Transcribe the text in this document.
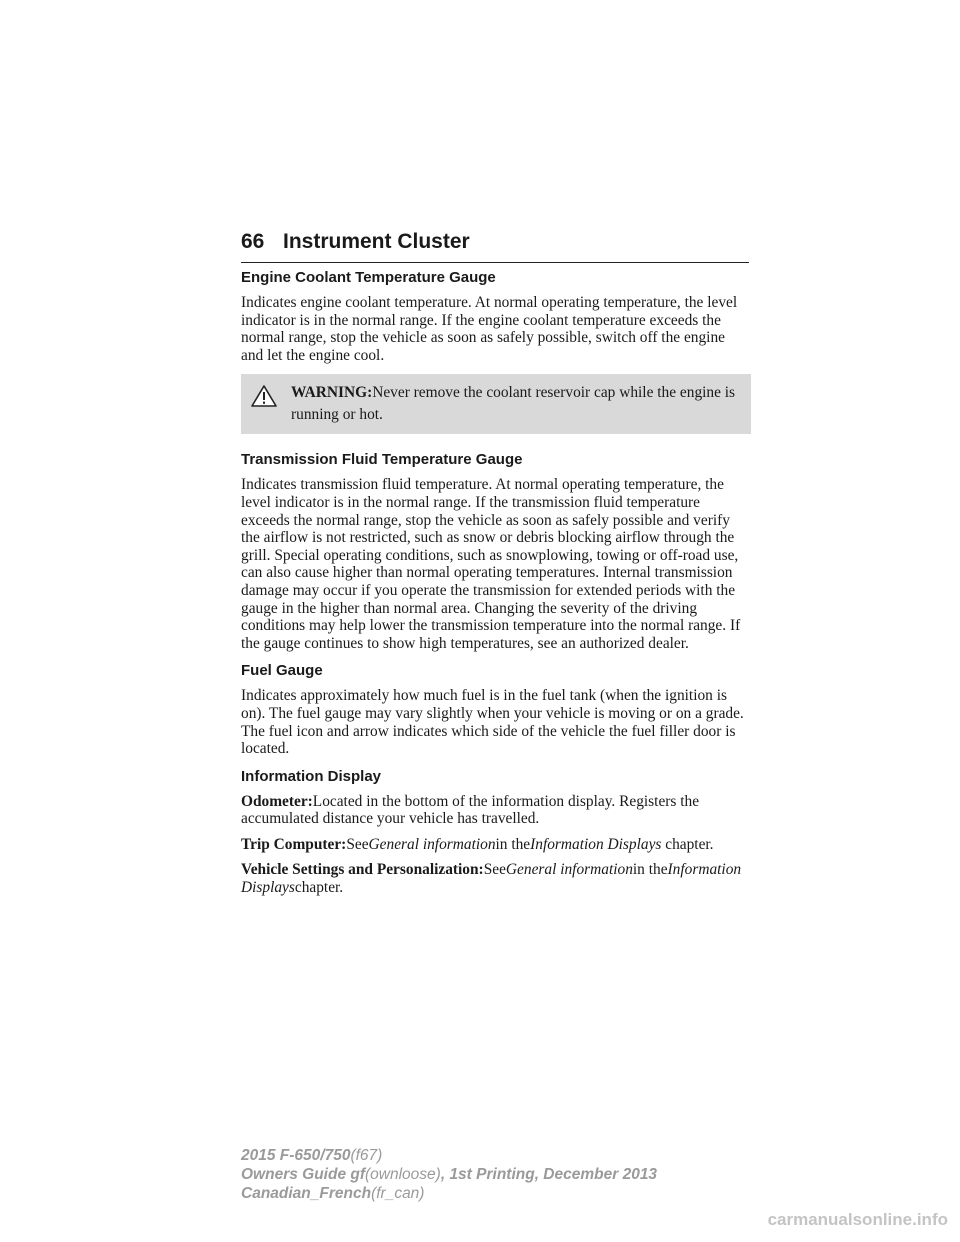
66 Instrument Cluster
Engine Coolant Temperature Gauge

Indicates engine coolant temperature. At normal operating temperature, the level indicator is in the normal range. If the engine coolant temperature exceeds the normal range, stop the vehicle as soon as safely possible, switch off the engine and let the engine cool.

WARNING:Never remove the coolant reservoir cap while the engine is running or hot.

Transmission Fluid Temperature Gauge

Indicates transmission fluid temperature. At normal operating temperature, the level indicator is in the normal range. If the transmission fluid temperature exceeds the normal range, stop the vehicle as soon as safely possible and verify the airflow is not restricted, such as snow or debris blocking airflow through the grill. Special operating conditions, such as snowplowing, towing or off-road use, can also cause higher than normal operating temperatures. Internal transmission damage may occur if you operate the transmission for extended periods with the gauge in the higher than normal area. Changing the severity of the driving conditions may help lower the transmission temperature into the normal range. If the gauge continues to show high temperatures, see an authorized dealer.

Fuel Gauge

Indicates approximately how much fuel is in the fuel tank (when the ignition is on). The fuel gauge may vary slightly when your vehicle is moving or on a grade. The fuel icon and arrow indicates which side of the vehicle the fuel filler door is located.

Information Display

Odometer:Located in the bottom of the information display. Registers the accumulated distance your vehicle has travelled.

Trip Computer:SeeGeneral informationin theInformation Displays chapter.

Vehicle Settings and Personalization:SeeGeneral informationin theInformation Displayschapter.

2015 F-650/750(f67)
Owners Guide gf(ownloose), 1st Printing, December 2013
Canadian_French(fr_can)
carmanualsonline.info
